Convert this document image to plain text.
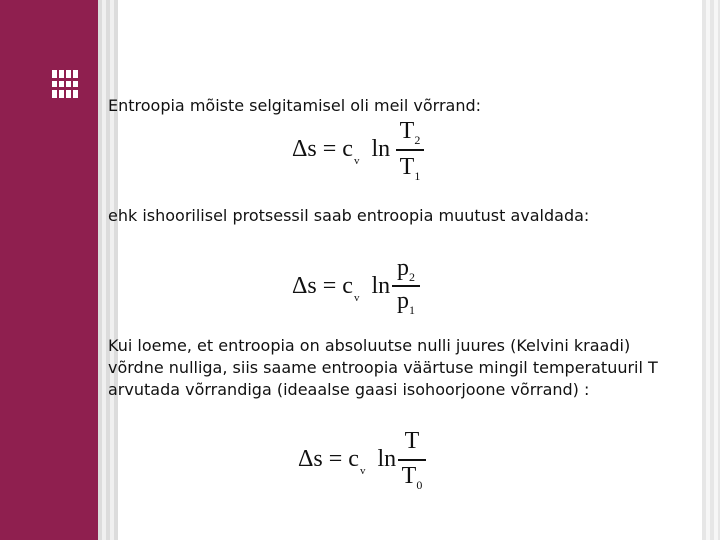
Entroopia mõiste selgitamisel oli meil võrrand:
$\Delta s = c_v$ ln
$T_2$
$T_1$
ehk ishoorilisel protsessil saab entroopia muutust avaldada:
$\Delta s = c_v$ ln
$p_2$
$p_1$
Kui loeme, et entroopia on absoluutse nulli juures (Kelvini kraadi) võrdne nulliga, siis saame entroopia väärtuse mingil temperatuuril T arvutada võrrandiga (ideaalse gaasi isohoorjoone võrrand) :
$\Delta s = c_v$ ln
T
$T_0$
